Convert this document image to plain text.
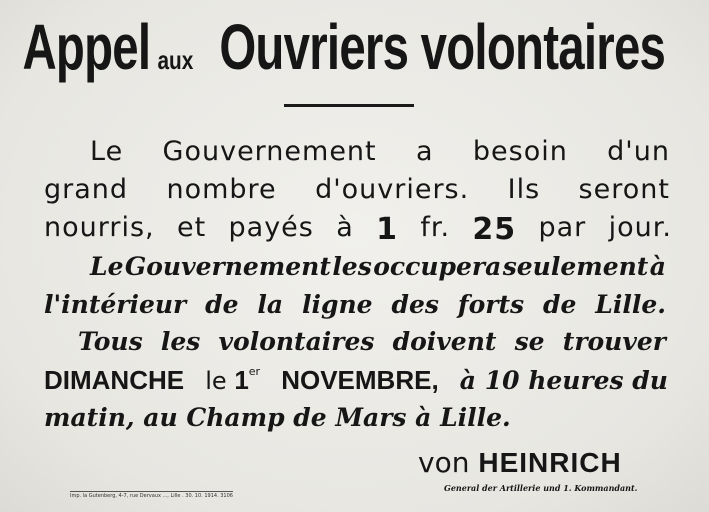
Appel aux Ouvriers volontaires
Le Gouvernement a besoin d'un
grand nombre d'ouvriers. Ils seront
nourris, et payés à 1 fr. 25 par jour.
Le Gouvernement les occupera seulement à
l'intérieur de la ligne des forts de Lille.
Tous les volontaires doivent se trouver
DIMANCHE le 1er NOVEMBRE, à 10 heures du
matin, au Champ de Mars à Lille.
von HEINRICH
General der Artillerie und 1. Kommandant.
Imp. la Gutenberg, 4-7, rue Dervaux ..., Lille . 30. 10. 1914. 3106
